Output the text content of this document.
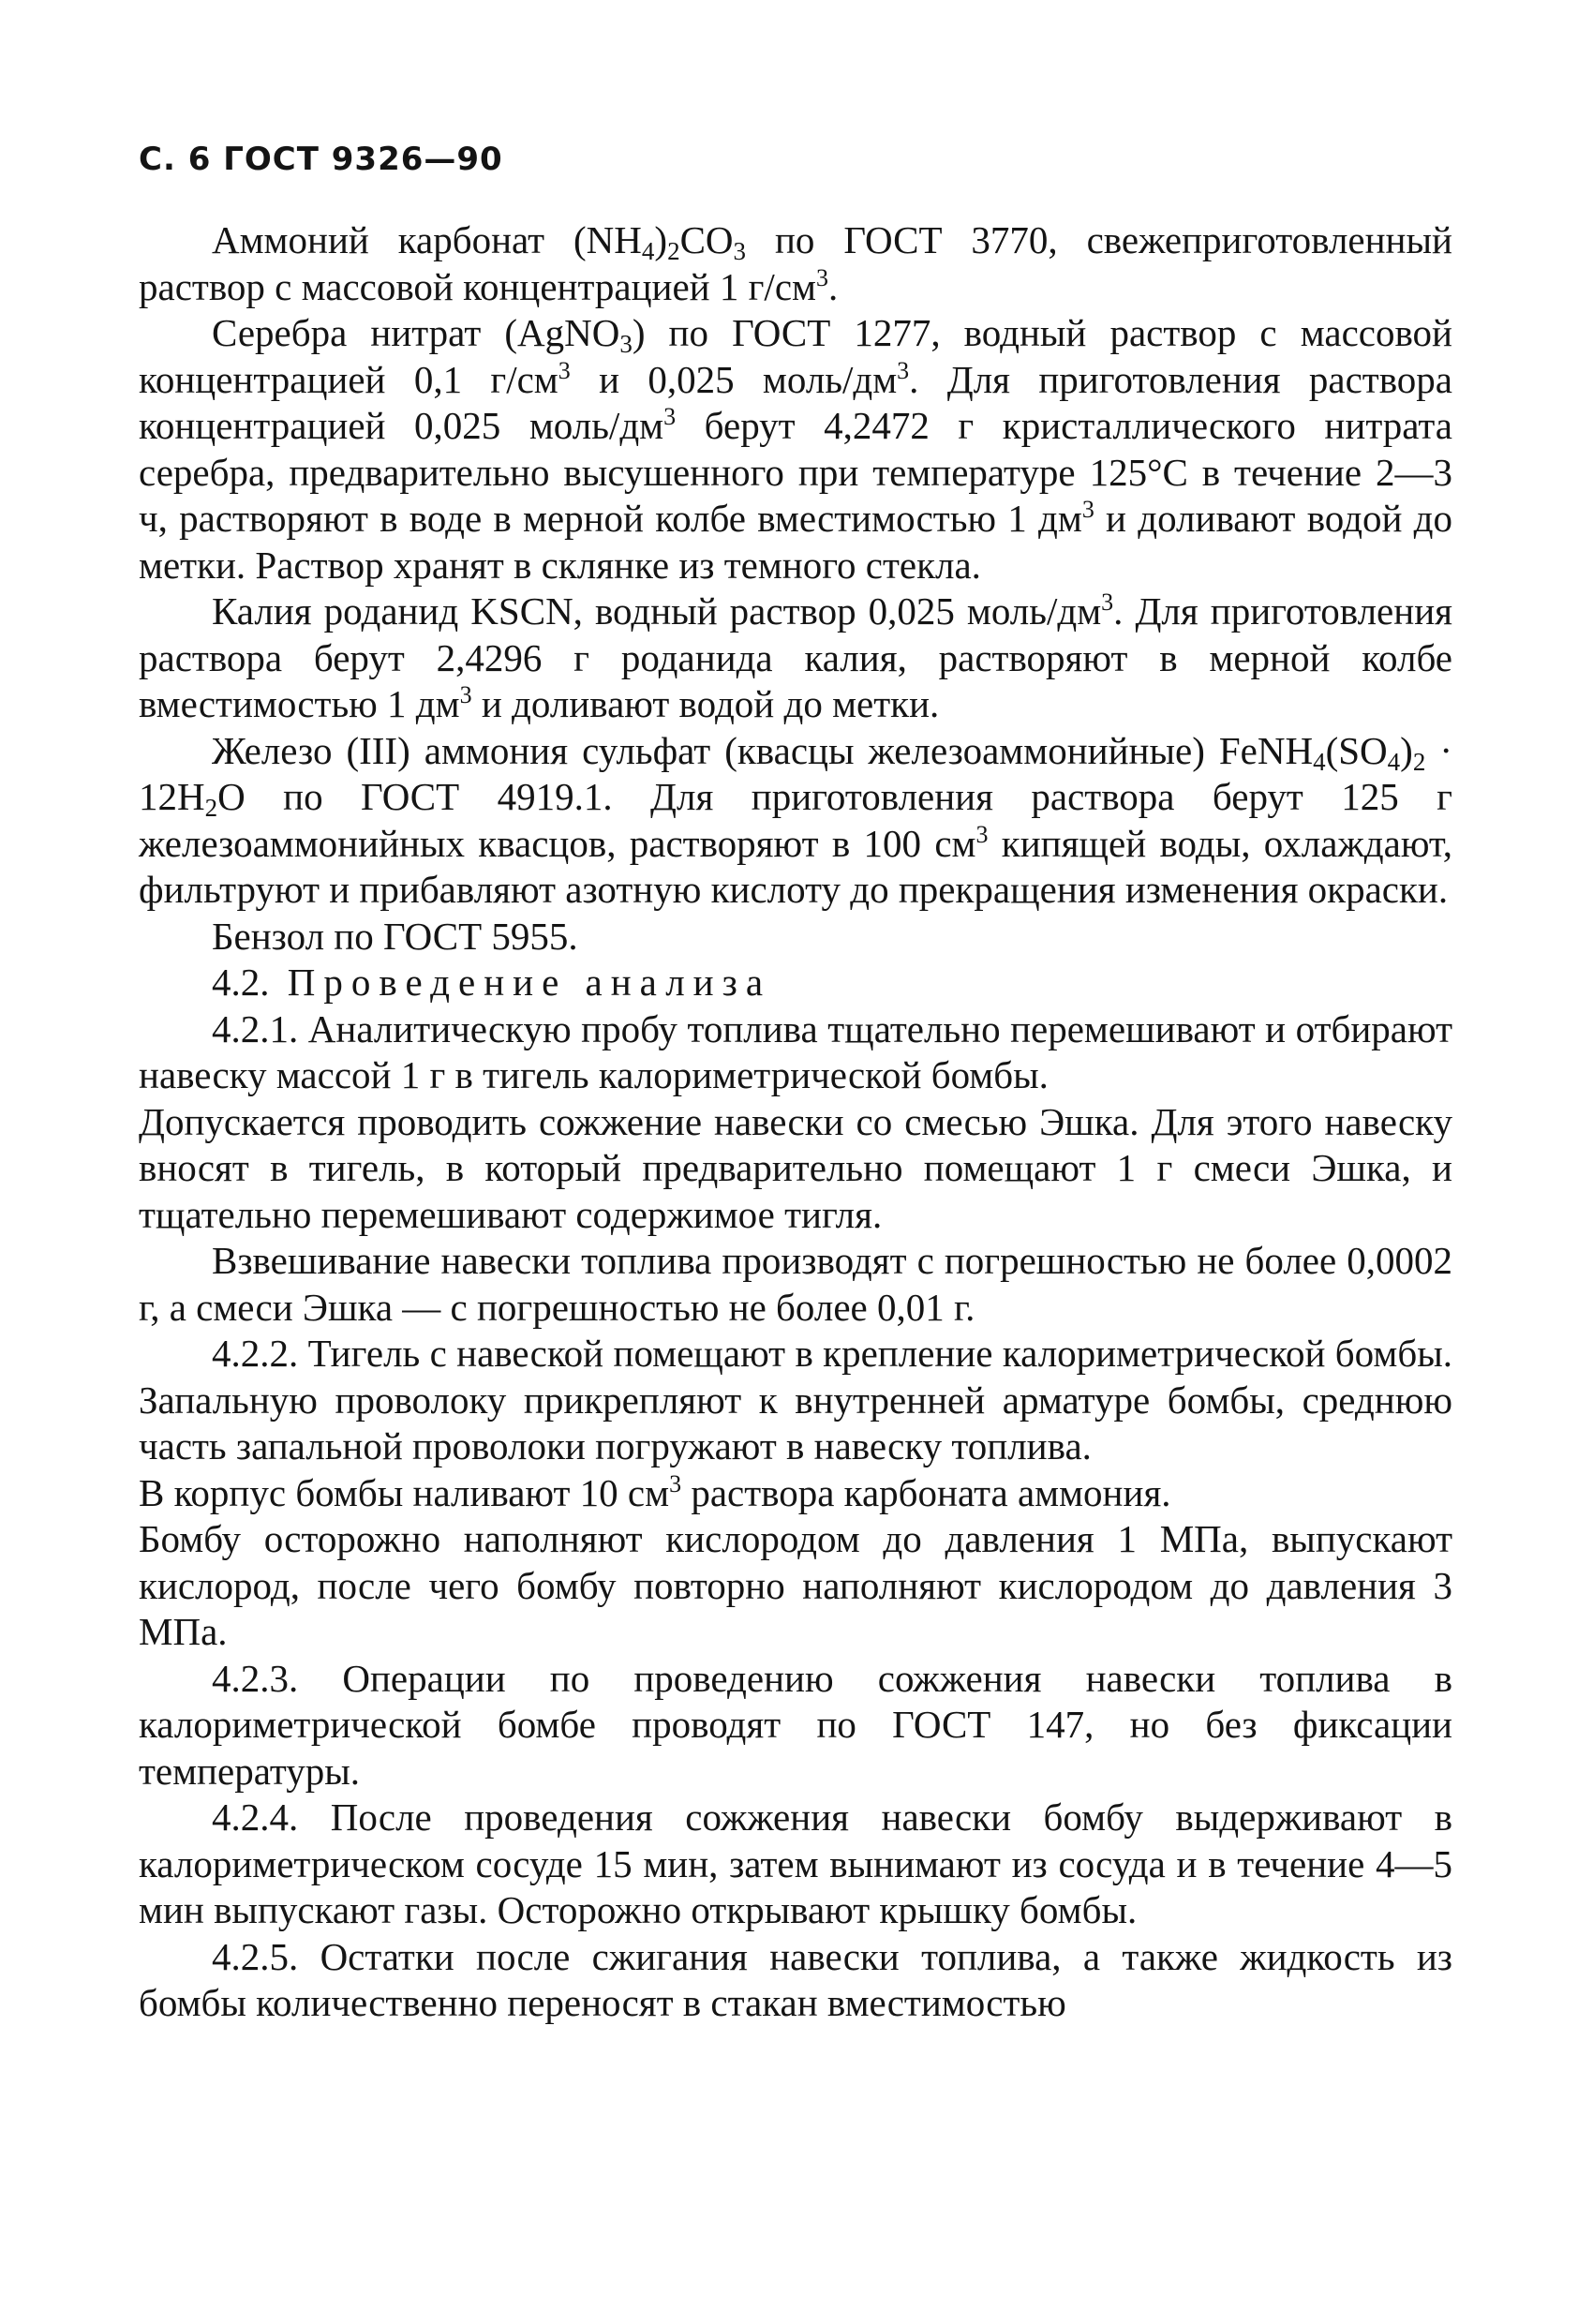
С. 6 ГОСТ 9326—90

Аммоний карбонат $(NH_4)_2CO_3$ по ГОСТ 3770, свежеприготовленный раствор с массовой концентрацией 1 $г/см^3$.

Серебра нитрат (AgNO$_3$) по ГОСТ 1277, водный раствор с массовой концентрацией 0,1 $г/см^3$ и 0,025 моль/$дм^3$. Для приготовления раствора концентрацией 0,025 моль/$дм^3$ берут 4,2472 г кристаллического нитрата серебра, предварительно высушенного при температуре 125°С в течение 2—3 ч, растворяют в воде в мерной колбе вместимостью 1 $дм^3$ и доливают водой до метки. Раствор хранят в склянке из темного стекла.

Калия роданид KSCN, водный раствор 0,025 моль/$дм^3$. Для приготовления раствора берут 2,4296 г роданида калия, растворяют в мерной колбе вместимостью 1 $дм^3$ и доливают водой до метки.

Железо (III) аммония сульфат (квасцы железоаммонийные) $FeNH_4(SO_4)_2 \cdot 12H_2O$ по ГОСТ 4919.1. Для приготовления раствора берут 125 г железоаммонийных квасцов, растворяют в 100 $см^3$ кипящей воды, охлаждают, фильтруют и прибавляют азотную кислоту до прекращения изменения окраски.

Бензол по ГОСТ 5955.

4.2. Проведение анализа

4.2.1. Аналитическую пробу топлива тщательно перемешивают и отбирают навеску массой 1 г в тигель калориметрической бомбы.

Допускается проводить сожжение навески со смесью Эшка. Для этого навеску вносят в тигель, в который предварительно помещают 1 г смеси Эшка, и тщательно перемешивают содержимое тигля.

Взвешивание навески топлива производят с погрешностью не более 0,0002 г, а смеси Эшка — с погрешностью не более 0,01 г.

4.2.2. Тигель с навеской помещают в крепление калориметрической бомбы. Запальную проволоку прикрепляют к внутренней арматуре бомбы, среднюю часть запальной проволоки погружают в навеску топлива.

В корпус бомбы наливают 10 $см^3$ раствора карбоната аммония.

Бомбу осторожно наполняют кислородом до давления 1 МПа, выпускают кислород, после чего бомбу повторно наполняют кислородом до давления 3 МПа.

4.2.3. Операции по проведению сожжения навески топлива в калориметрической бомбе проводят по ГОСТ 147, но без фиксации температуры.

4.2.4. После проведения сожжения навески бомбу выдерживают в калориметрическом сосуде 15 мин, затем вынимают из сосуда и в течение 4—5 мин выпускают газы. Осторожно открывают крышку бомбы.

4.2.5. Остатки после сжигания навески топлива, а также жидкость из бомбы количественно переносят в стакан вместимостью
